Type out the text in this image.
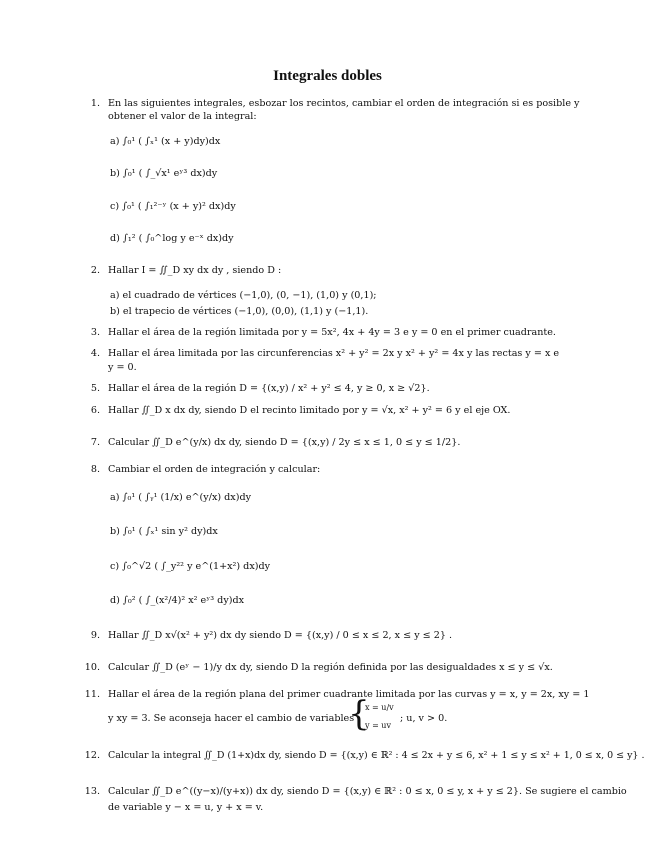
Integrales dobles
1. En las siguientes integrales, esbozar los recintos, cambiar el orden de integración si es posible y
obtener el valor de la integral:
a) ∫₀¹ ( ∫ₓ¹ (x + y)dy)dx
b) ∫₀¹ ( ∫_√x¹ eʸ³ dx)dy
c) ∫₀¹ ( ∫₁²⁻ʸ (x + y)² dx)dy
d) ∫₁² ( ∫₀^log y e⁻ˣ dx)dy
2. Hallar I = ∬_D xy dx dy , siendo D :
a) el cuadrado de vértices (−1,0), (0, −1), (1,0) y (0,1);
b) el trapecio de vértices (−1,0), (0,0), (1,1) y (−1,1).
3. Hallar el área de la región limitada por y = 5x², 4x + 4y = 3 e y = 0 en el primer cuadrante.
4. Hallar el área limitada por las circunferencias x² + y² = 2x y x² + y² = 4x y las rectas y = x e
y = 0.
5. Hallar el área de la región D = {(x,y) / x² + y² ≤ 4, y ≥ 0, x ≥ √2}.
6. Hallar ∬_D x dx dy, siendo D el recinto limitado por y = √x, x² + y² = 6 y el eje OX.
7. Calcular ∬_D e^(y/x) dx dy, siendo D = {(x,y) / 2y ≤ x ≤ 1, 0 ≤ y ≤ 1/2}.
8. Cambiar el orden de integración y calcular:
a) ∫₀¹ ( ∫ᵧ¹ (1/x) e^(y/x) dx)dy
b) ∫₀¹ ( ∫ₓ¹ sin y² dy)dx
c) ∫₀^√2 ( ∫_y²² y e^(1+x²) dx)dy
d) ∫₀² ( ∫_(x²/4)² x² eʸ³ dy)dx
9. Hallar ∬_D x√(x² + y²) dx dy siendo D = {(x,y) / 0 ≤ x ≤ 2, x ≤ y ≤ 2} .
10. Calcular ∬_D (eʸ − 1)/y dx dy, siendo D la región definida por las desigualdades x ≤ y ≤ √x.
11. Hallar el área de la región plana del primer cuadrante limitada por las curvas y = x, y = 2x, xy = 1
y xy = 3. Se aconseja hacer el cambio de variables
{
x = u/v
y = uv
; u, v > 0.
12. Calcular la integral ∬_D (1+x)dx dy, siendo D = {(x,y) ∈ ℝ² : 4 ≤ 2x + y ≤ 6, x² + 1 ≤ y ≤ x² + 1, 0 ≤ x, 0 ≤ y} .
13. Calcular ∬_D e^((y−x)/(y+x)) dx dy, siendo D = {(x,y) ∈ ℝ² : 0 ≤ x, 0 ≤ y, x + y ≤ 2}. Se sugiere el cambio
de variable y − x = u, y + x = v.
